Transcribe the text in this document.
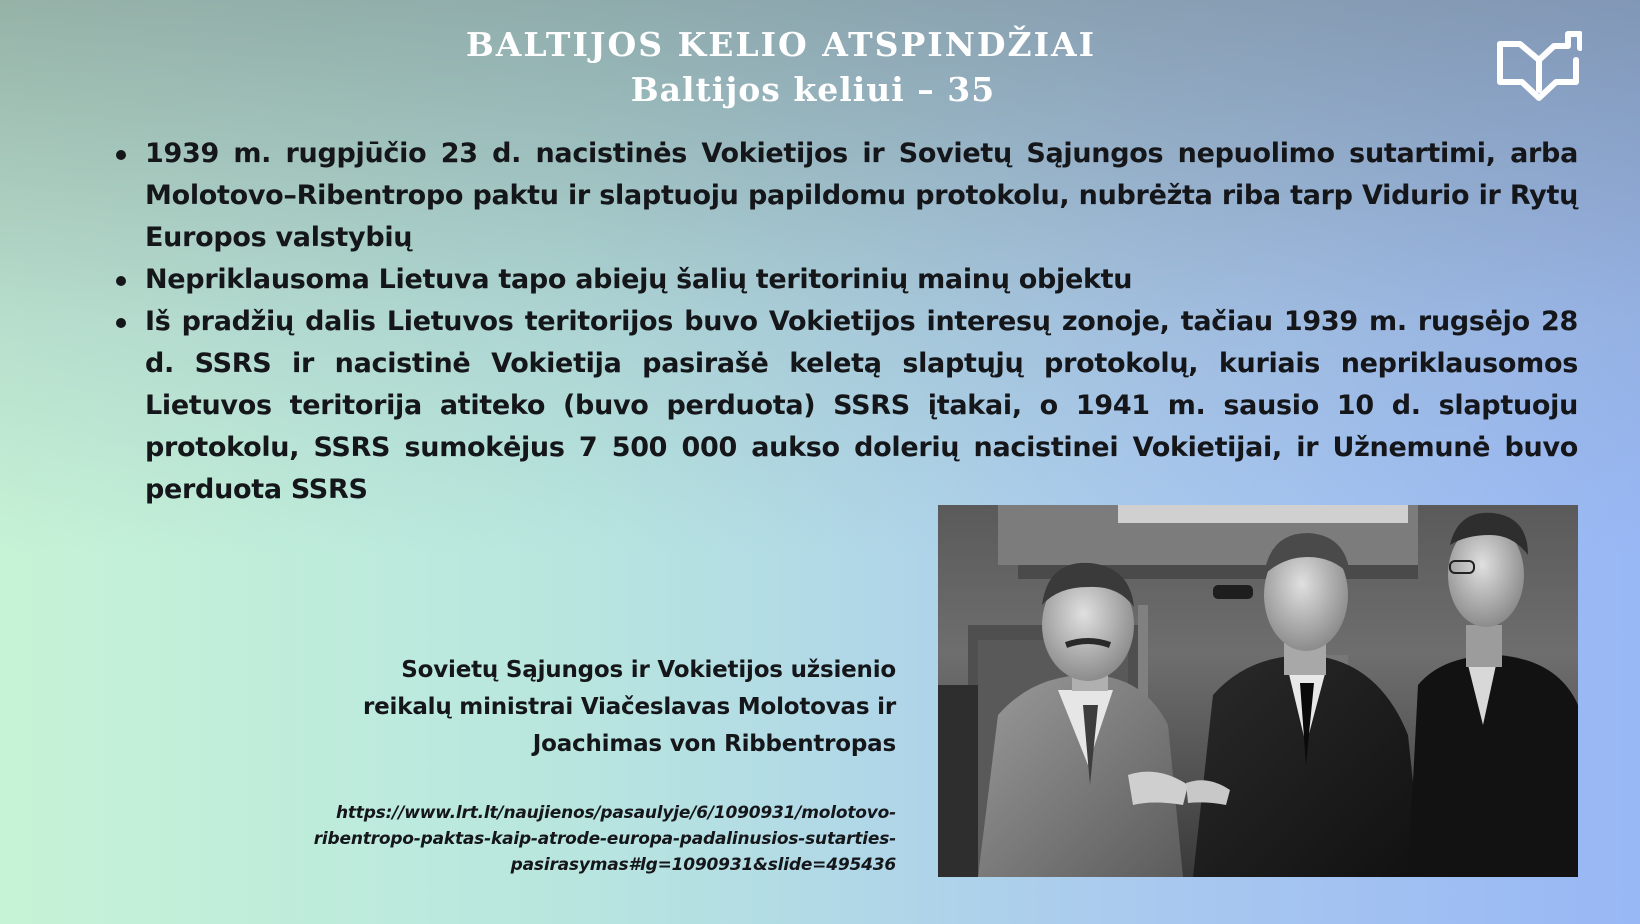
BALTIJOS KELIO ATSPINDŽIAI
Baltijos keliui – 35
1939 m. rugpjūčio 23 d. nacistinės Vokietijos ir Sovietų Sąjungos nepuolimo sutartimi, arba Molotovo–Ribentropo paktu ir slaptuoju papildomu protokolu, nubrėžta riba tarp Vidurio ir Rytų Europos valstybių
Nepriklausoma Lietuva tapo abiejų šalių teritorinių mainų objektu
Iš pradžių dalis Lietuvos teritorijos buvo Vokietijos interesų zonoje, tačiau 1939 m. rugsėjo 28 d. SSRS ir nacistinė Vokietija pasirašė keletą slaptųjų protokolų, kuriais nepriklausomos Lietuvos teritorija atiteko (buvo perduota) SSRS įtakai, o 1941 m. sausio 10 d. slaptuoju protokolu, SSRS sumokėjus 7 500 000 aukso dolerių nacistinei Vokietijai, ir Užnemunė buvo perduota SSRS
Sovietų Sąjungos ir Vokietijos užsienio
reikalų ministrai Viačeslavas Molotovas ir
Joachimas von Ribbentropas
https://www.lrt.lt/naujienos/pasaulyje/6/1090931/molotovo-
ribentropo-paktas-kaip-atrode-europa-padalinusios-sutarties-
pasirasymas#lg=1090931&slide=495436
